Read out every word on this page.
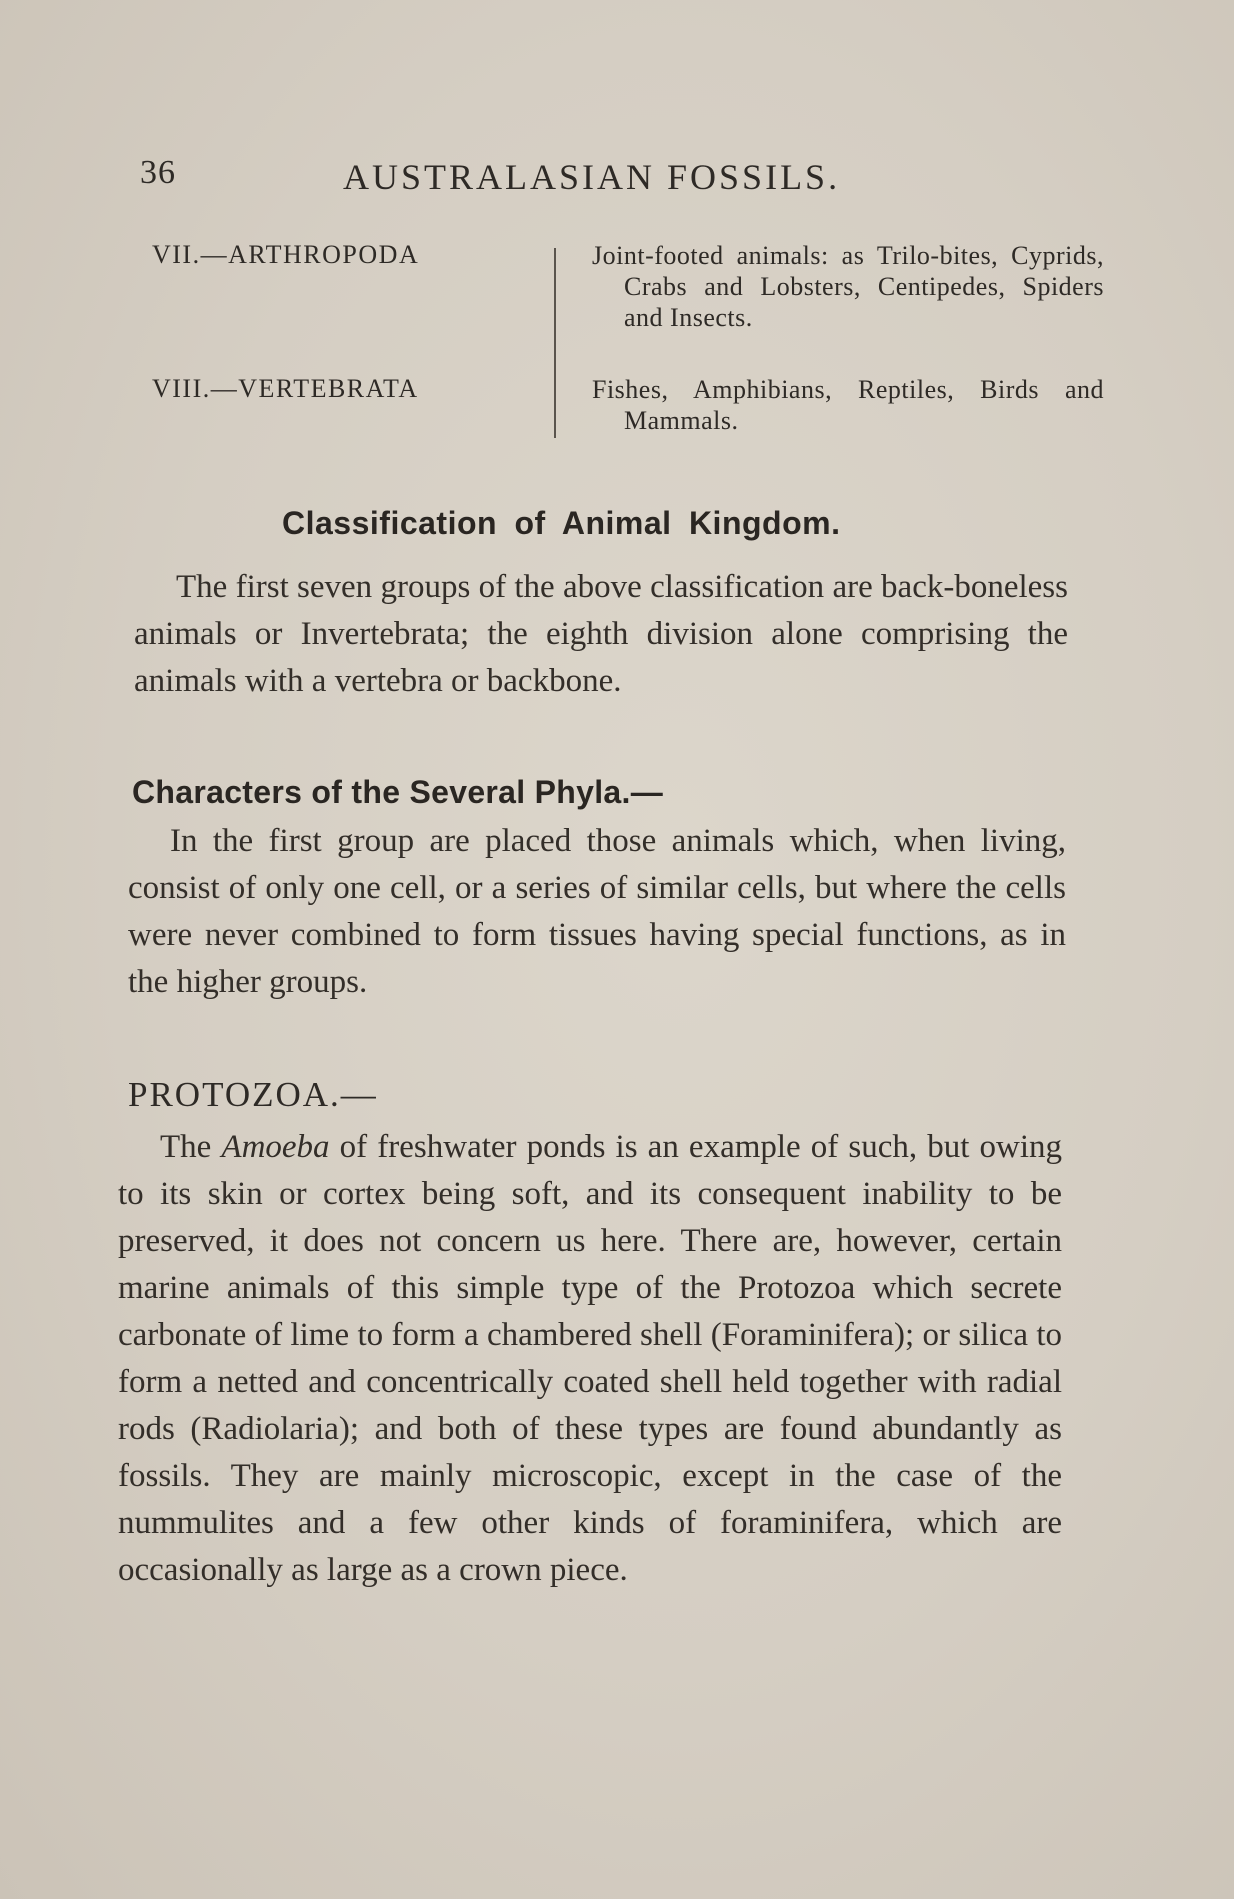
36	AUSTRALASIAN FOSSILS.
VII.—ARTHROPODA	Joint-footed animals: as Trilo-bites, Cyprids, Crabs and Lobsters, Centipedes, Spiders and Insects.
VIII.—VERTEBRATA	Fishes, Amphibians, Reptiles, Birds and Mammals.
Classification of Animal Kingdom.

The first seven groups of the above classification are back-boneless animals or Invertebrata; the eighth division alone comprising the animals with a vertebra or backbone.

Characters of the Several Phyla.—

In the first group are placed those animals which, when living, consist of only one cell, or a series of similar cells, but where the cells were never combined to form tissues having special functions, as in the higher groups.

PROTOZOA.—

The Amoeba of freshwater ponds is an example of such, but owing to its skin or cortex being soft, and its consequent inability to be preserved, it does not concern us here. There are, however, certain marine animals of this simple type of the Protozoa which secrete carbonate of lime to form a chambered shell (Foraminifera); or silica to form a netted and concentrically coated shell held together with radial rods (Radiolaria); and both of these types are found abundantly as fossils. They are mainly microscopic, except in the case of the nummulites and a few other kinds of foraminifera, which are occasionally as large as a crown piece.
